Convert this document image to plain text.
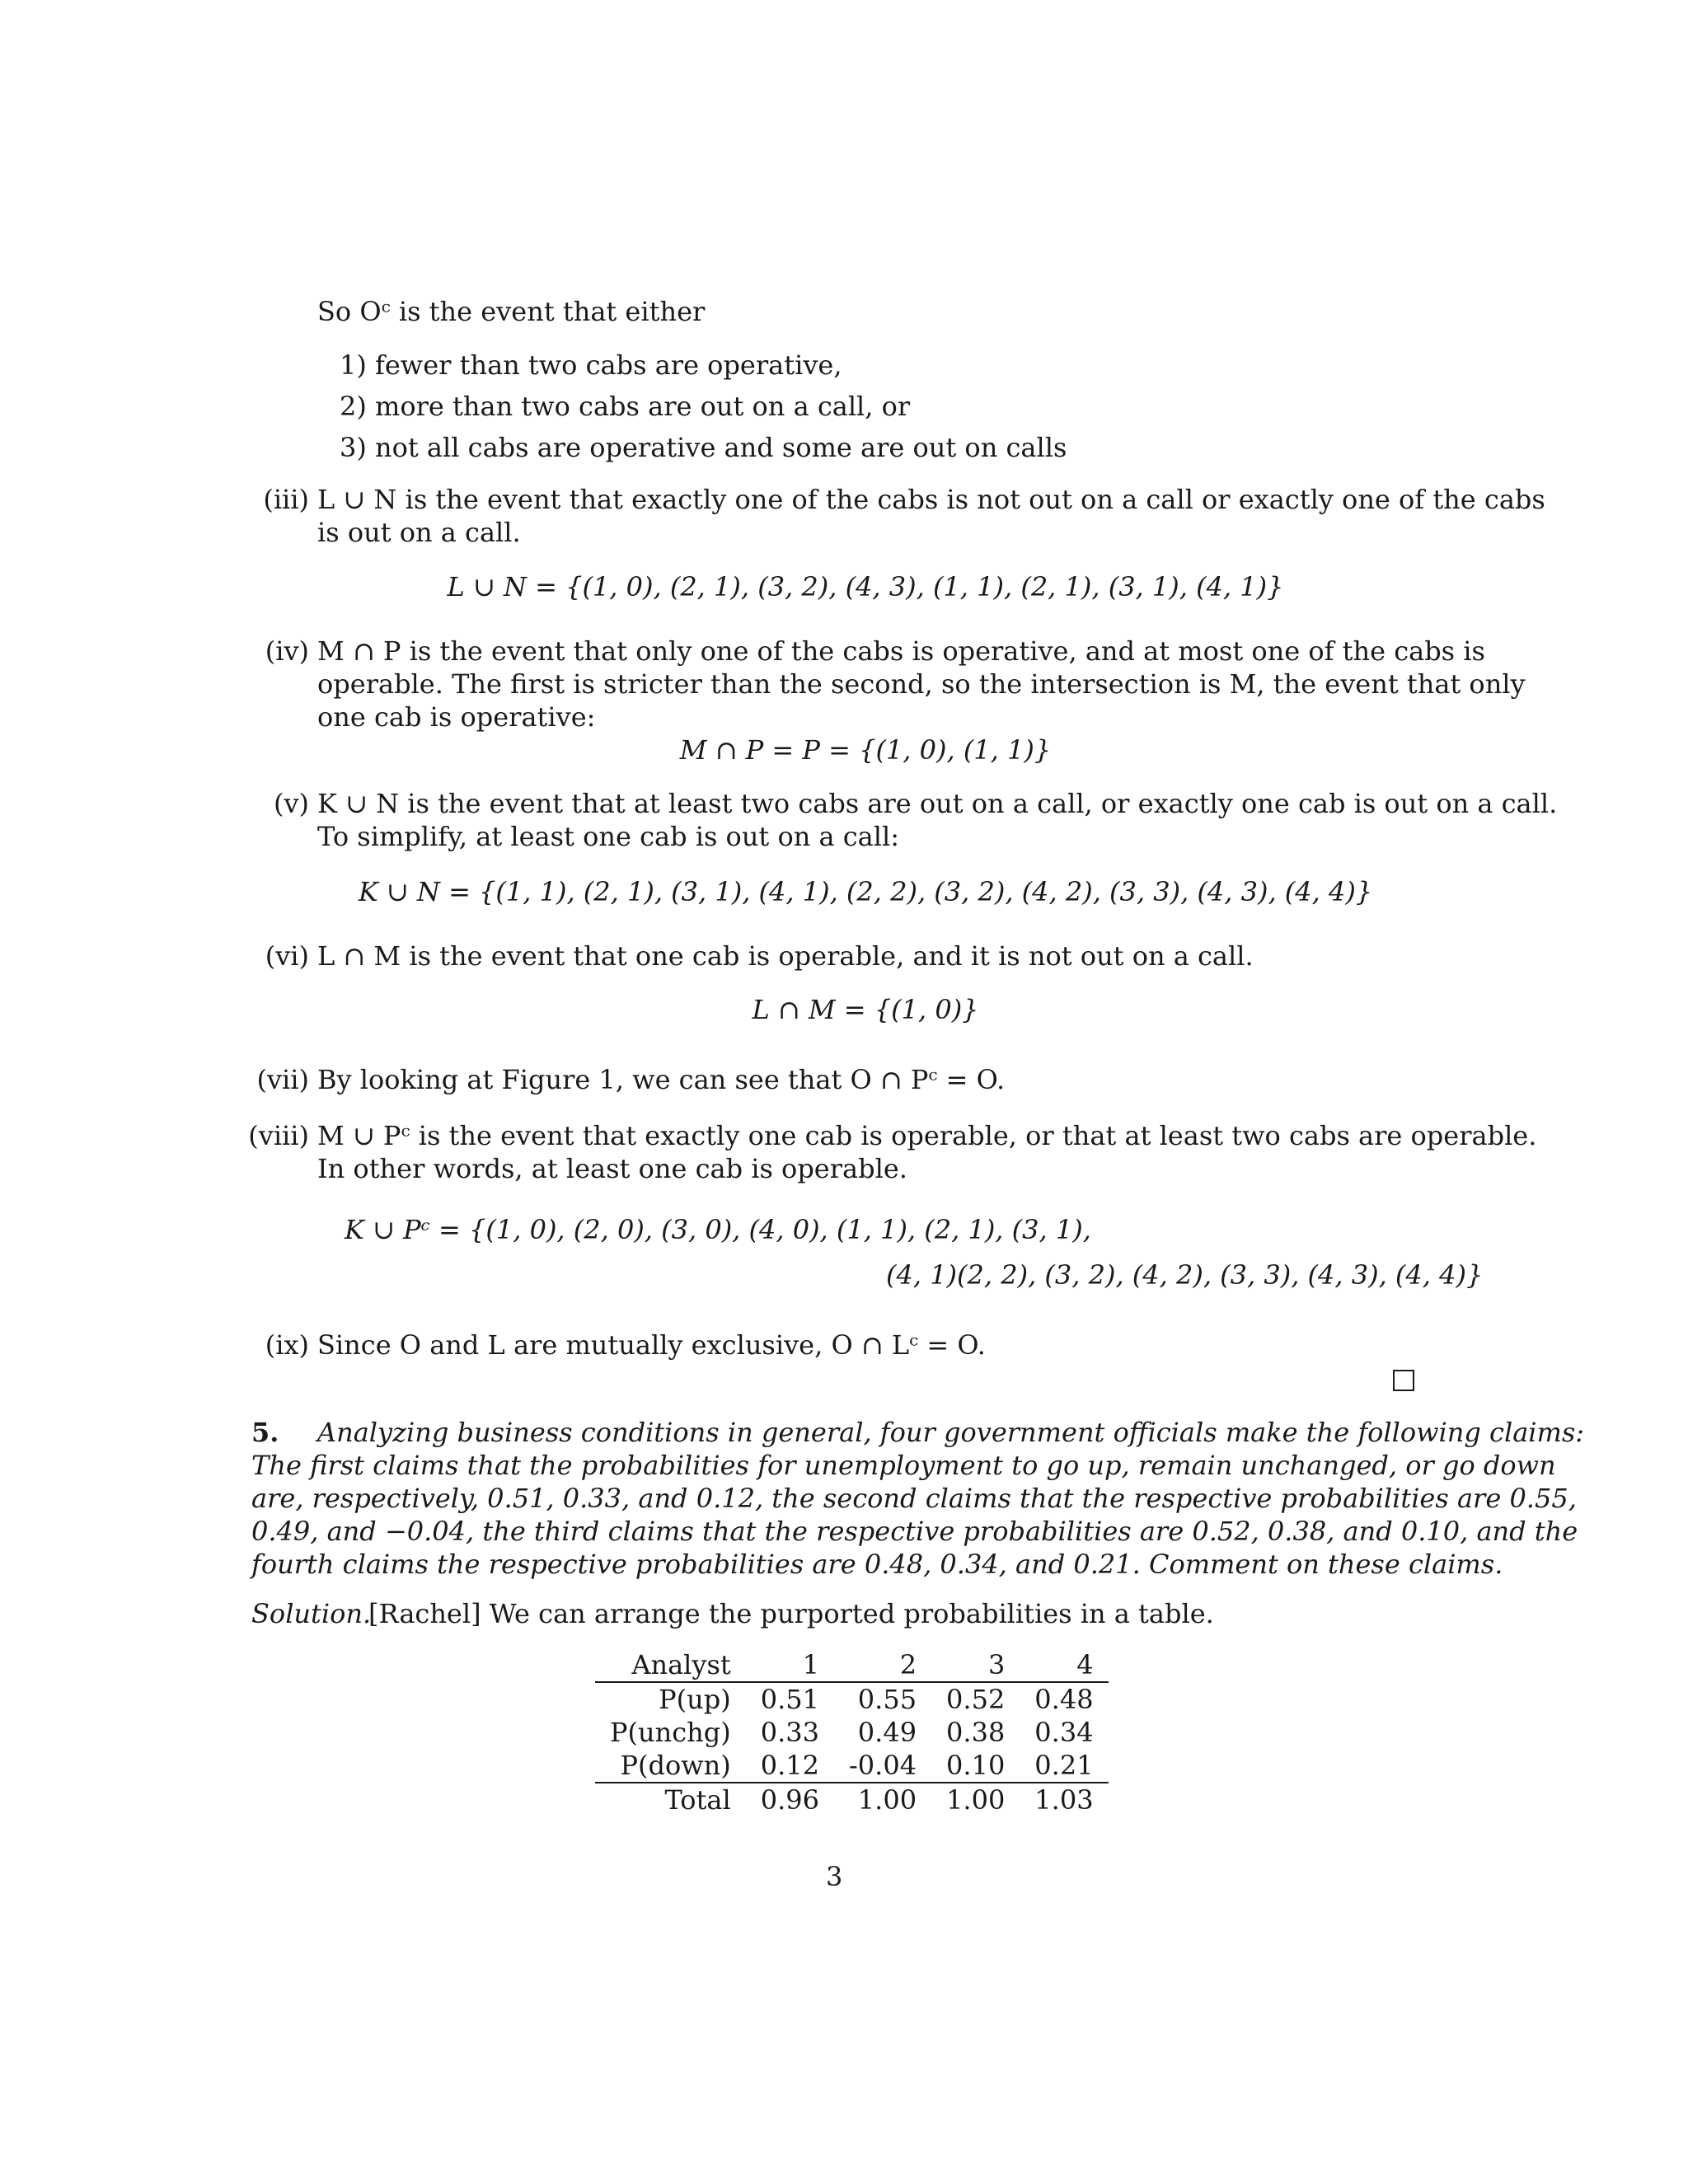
So Oᶜ is the event that either
1) fewer than two cabs are operative,
2) more than two cabs are out on a call, or
3) not all cabs are operative and some are out on calls
(iii) L ∪ N is the event that exactly one of the cabs is not out on a call or exactly one of the cabs
is out on a call.
L ∪ N = {(1, 0), (2, 1), (3, 2), (4, 3), (1, 1), (2, 1), (3, 1), (4, 1)}
(iv) M ∩ P is the event that only one of the cabs is operative, and at most one of the cabs is
operable. The first is stricter than the second, so the intersection is M, the event that only
one cab is operative:
M ∩ P = P = {(1, 0), (1, 1)}
(v) K ∪ N is the event that at least two cabs are out on a call, or exactly one cab is out on a call.
To simplify, at least one cab is out on a call:
K ∪ N = {(1, 1), (2, 1), (3, 1), (4, 1), (2, 2), (3, 2), (4, 2), (3, 3), (4, 3), (4, 4)}
(vi) L ∩ M is the event that one cab is operable, and it is not out on a call.
L ∩ M = {(1, 0)}
(vii) By looking at Figure 1, we can see that O ∩ Pᶜ = O.
(viii) M ∪ Pᶜ is the event that exactly one cab is operable, or that at least two cabs are operable.
In other words, at least one cab is operable.
K ∪ Pᶜ = {(1, 0), (2, 0), (3, 0), (4, 0), (1, 1), (2, 1), (3, 1),
(4, 1)(2, 2), (3, 2), (4, 2), (3, 3), (4, 3), (4, 4)}
(ix) Since O and L are mutually exclusive, O ∩ Lᶜ = O.
5. Analyzing business conditions in general, four government officials make the following claims:
The first claims that the probabilities for unemployment to go up, remain unchanged, or go down
are, respectively, 0.51, 0.33, and 0.12, the second claims that the respective probabilities are 0.55,
0.49, and −0.04, the third claims that the respective probabilities are 0.52, 0.38, and 0.10, and the
fourth claims the respective probabilities are 0.48, 0.34, and 0.21. Comment on these claims.
Solution.
[Rachel] We can arrange the purported probabilities in a table.
Analyst	1	2	3	4
P(up)	0.51	0.55	0.52	0.48
P(unchg)	0.33	0.49	0.38	0.34
P(down)	0.12	-0.04	0.10	0.21
Total	0.96	1.00	1.00	1.03
3
